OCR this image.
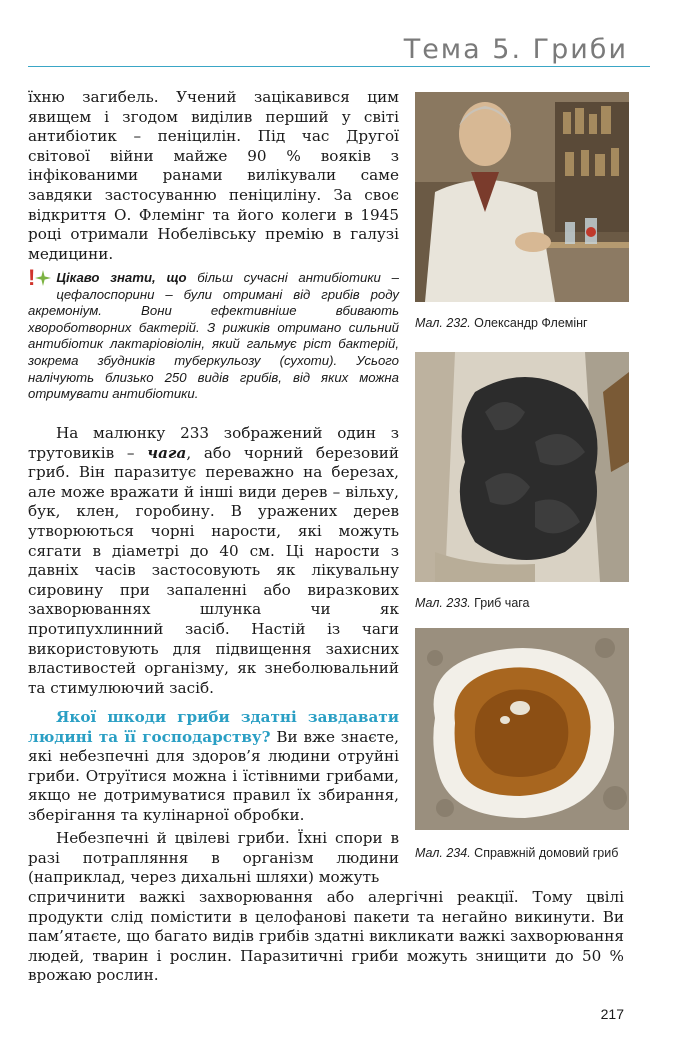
Тема 5. Гриби
їхню загибель. Учений зацікавився цим явищем і згодом виділив перший у світі антибіотик – пеніцилін. Під час Другої світової війни майже 90 % вояків з інфікованими ранами вилікували саме завдяки застосуванню пеніциліну. За своє відкриття О. Флемінг та його колеги в 1945 році отримали Нобелівську премію в галузі медицини.
! Цікаво знати, що більш сучасні антибіотики – цефалоспорини – були отримані від грибів роду акремоніум. Вони ефективніше вбивають хвороботворних бактерій. З рижиків отримано сильний антибіотик лактаріовіолін, який гальмує ріст бактерій, зокрема збудників туберкульозу (сухоти). Усього налічують близько 250 видів грибів, від яких можна отримувати антибіотики.
На малюнку 233 зображений один з трутовиків – чага, або чорний березовий гриб. Він паразитує переважно на березах, але може вражати й інші види дерев – вільху, бук, клен, горобину. В уражених дерев утворюються чорні нарости, які можуть сягати в діаметрі до 40 см. Ці нарости з давніх часів застосовують як лікувальну сировину при запаленні або виразкових захворюваннях шлунка чи як протипухлинний засіб. Настій із чаги використовують для підвищення захисних властивостей організму, як знеболювальний та стимулюючий засіб.
Якої шкоди гриби здатні завдавати людині та її господарству? Ви вже знаєте, які небезпечні для здоров’я людини отруйні гриби. Отруїтися можна і їстівними грибами, якщо не дотримуватися правил їх збирання, зберігання та кулінарної обробки.
Небезпечні й цвілеві гриби. Їхні спори в разі потрапляння в організм людини (наприклад, через дихальні шляхи) можуть
спричинити важкі захворювання або алергічні реакції. Тому цвілі продукти слід помістити в целофанові пакети та негайно викинути. Ви пам’ятаєте, що багато видів грибів здатні викликати важкі захворювання людей, тварин і рослин. Паразитичні гриби можуть знищити до 50 % врожаю рослин.
Мал. 232. Олександр Флемінг
Мал. 233. Гриб чага
Мал. 234. Справжній домовий гриб
217
